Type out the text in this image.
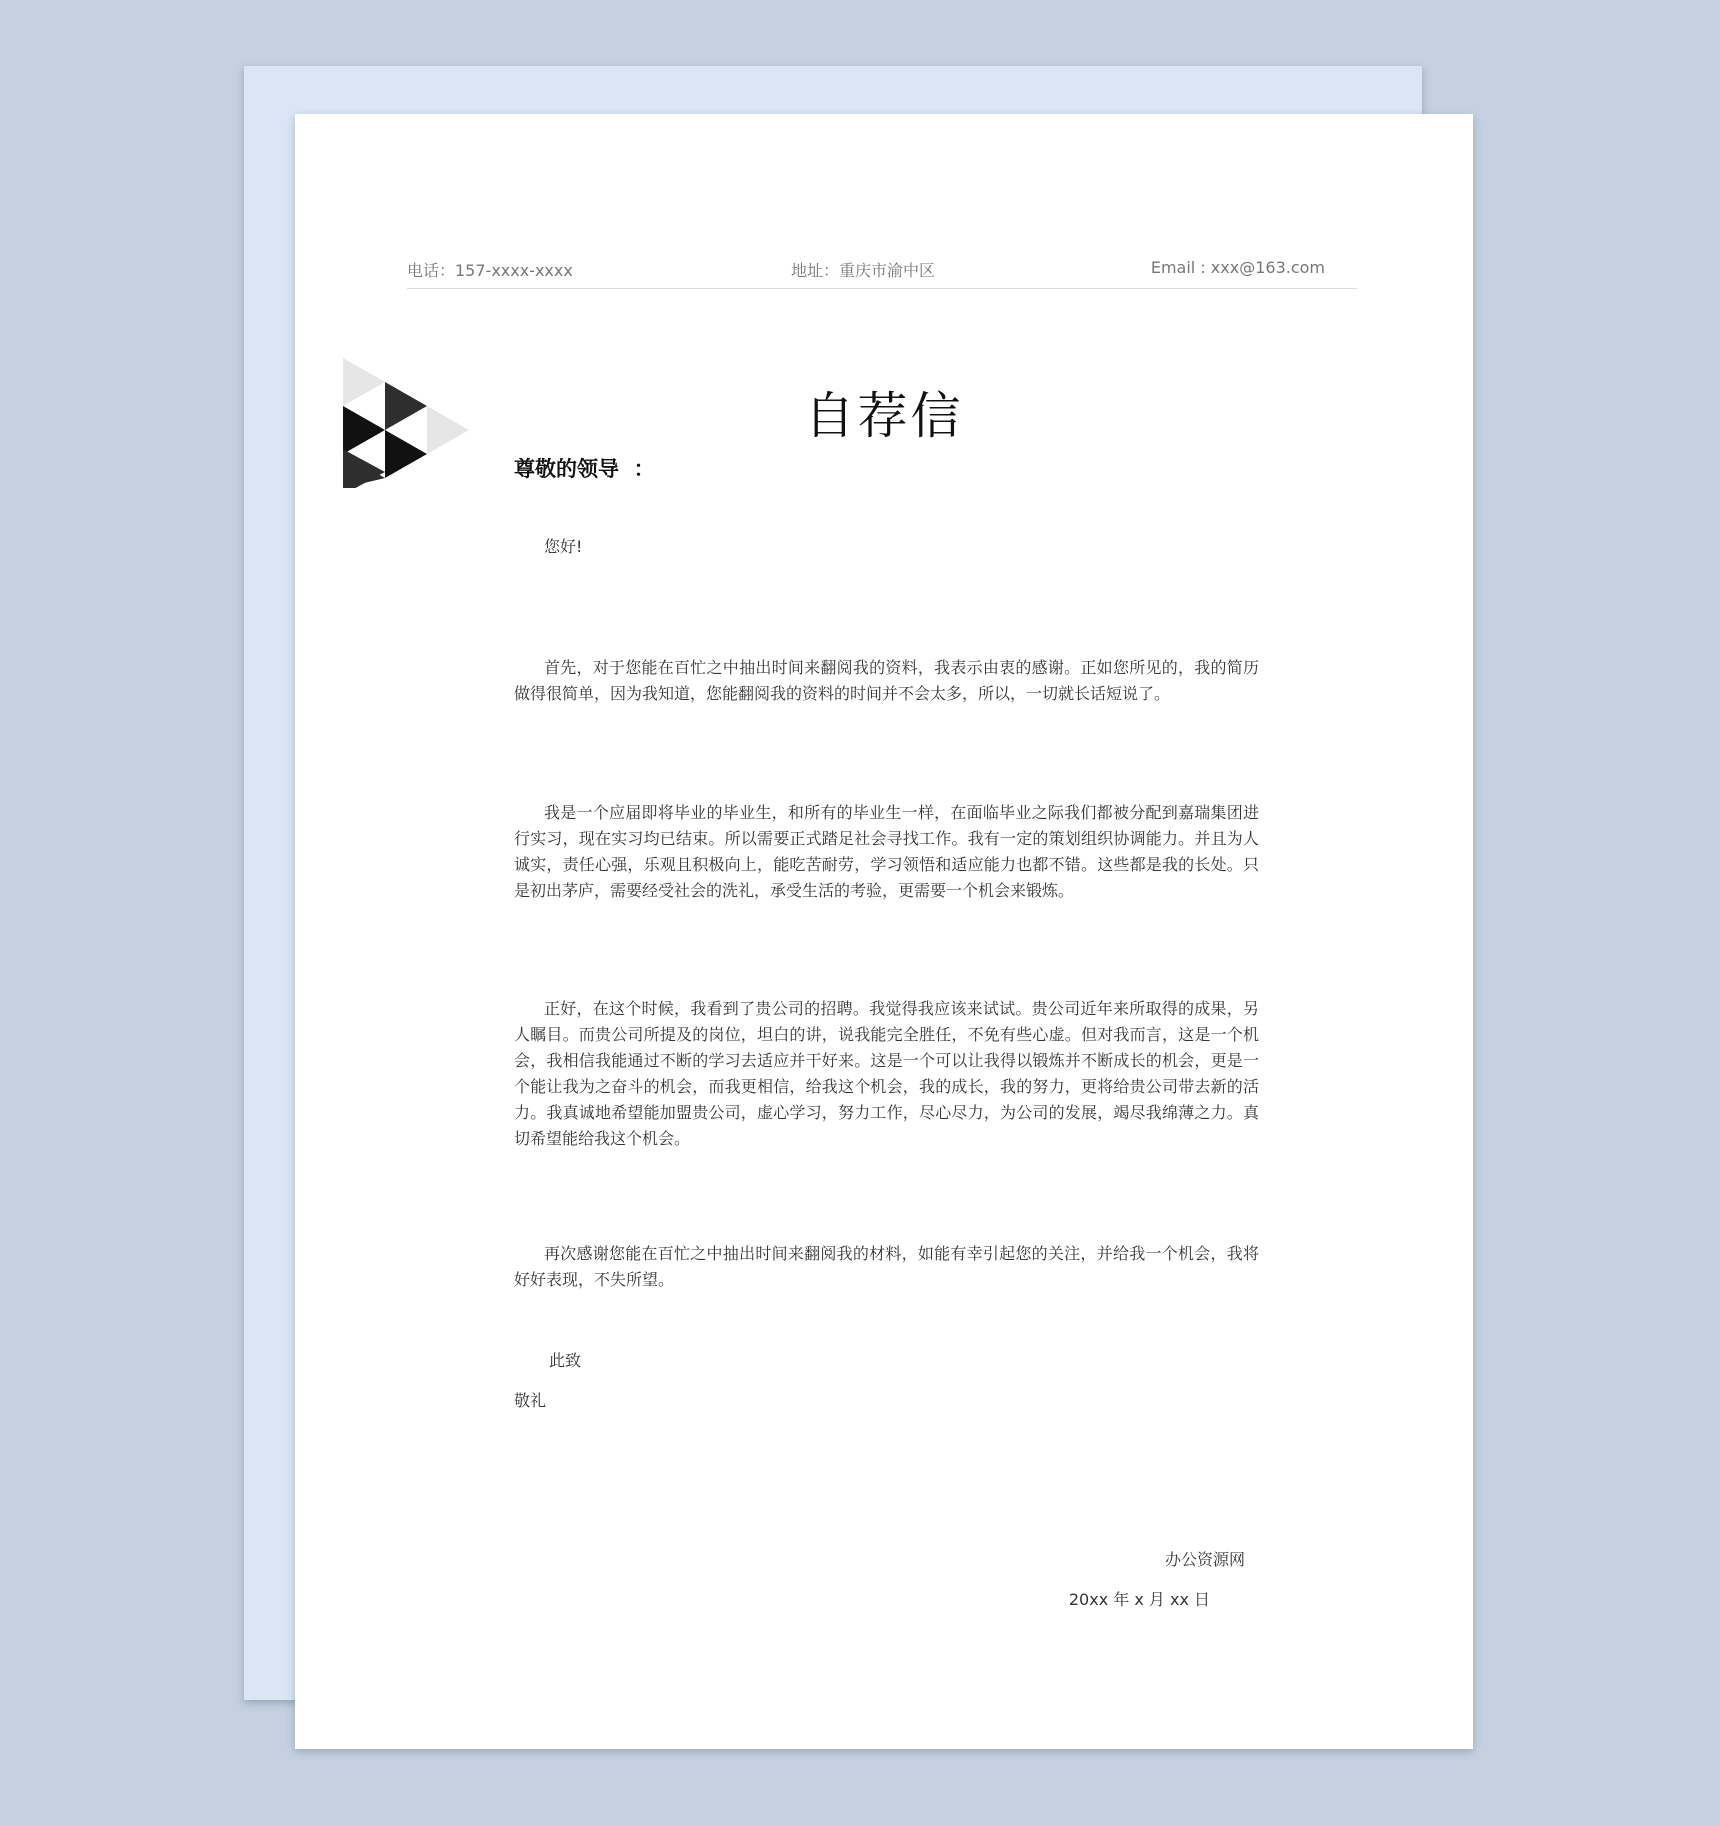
电话：157-xxxx-xxxx	地址：重庆市渝中区	Email : xxx@163.com
自荐信
尊敬的领导  ：

您好!

首先，对于您能在百忙之中抽出时间来翻阅我的资料，我表示由衷的感谢。正如您所见的，我的简历做得很简单，因为我知道，您能翻阅我的资料的时间并不会太多，所以，一切就长话短说了。

我是一个应届即将毕业的毕业生，和所有的毕业生一样，在面临毕业之际我们都被分配到嘉瑞集团进行实习，现在实习均已结束。所以需要正式踏足社会寻找工作。我有一定的策划组织协调能力。并且为人诚实，责任心强，乐观且积极向上，能吃苦耐劳，学习领悟和适应能力也都不错。这些都是我的长处。只是初出茅庐，需要经受社会的洗礼，承受生活的考验，更需要一个机会来锻炼。

正好，在这个时候，我看到了贵公司的招聘。我觉得我应该来试试。贵公司近年来所取得的成果，另人瞩目。而贵公司所提及的岗位，坦白的讲，说我能完全胜任，不免有些心虚。但对我而言，这是一个机会，我相信我能通过不断的学习去适应并干好来。这是一个可以让我得以锻炼并不断成长的机会，更是一个能让我为之奋斗的机会，而我更相信，给我这个机会，我的成长，我的努力，更将给贵公司带去新的活力。我真诚地希望能加盟贵公司，虚心学习，努力工作，尽心尽力，为公司的发展，竭尽我绵薄之力。真切希望能给我这个机会。

再次感谢您能在百忙之中抽出时间来翻阅我的材料，如能有幸引起您的关注，并给我一个机会，我将好好表现，不失所望。

此致
敬礼
办公资源网
20xx 年 x 月 xx 日
